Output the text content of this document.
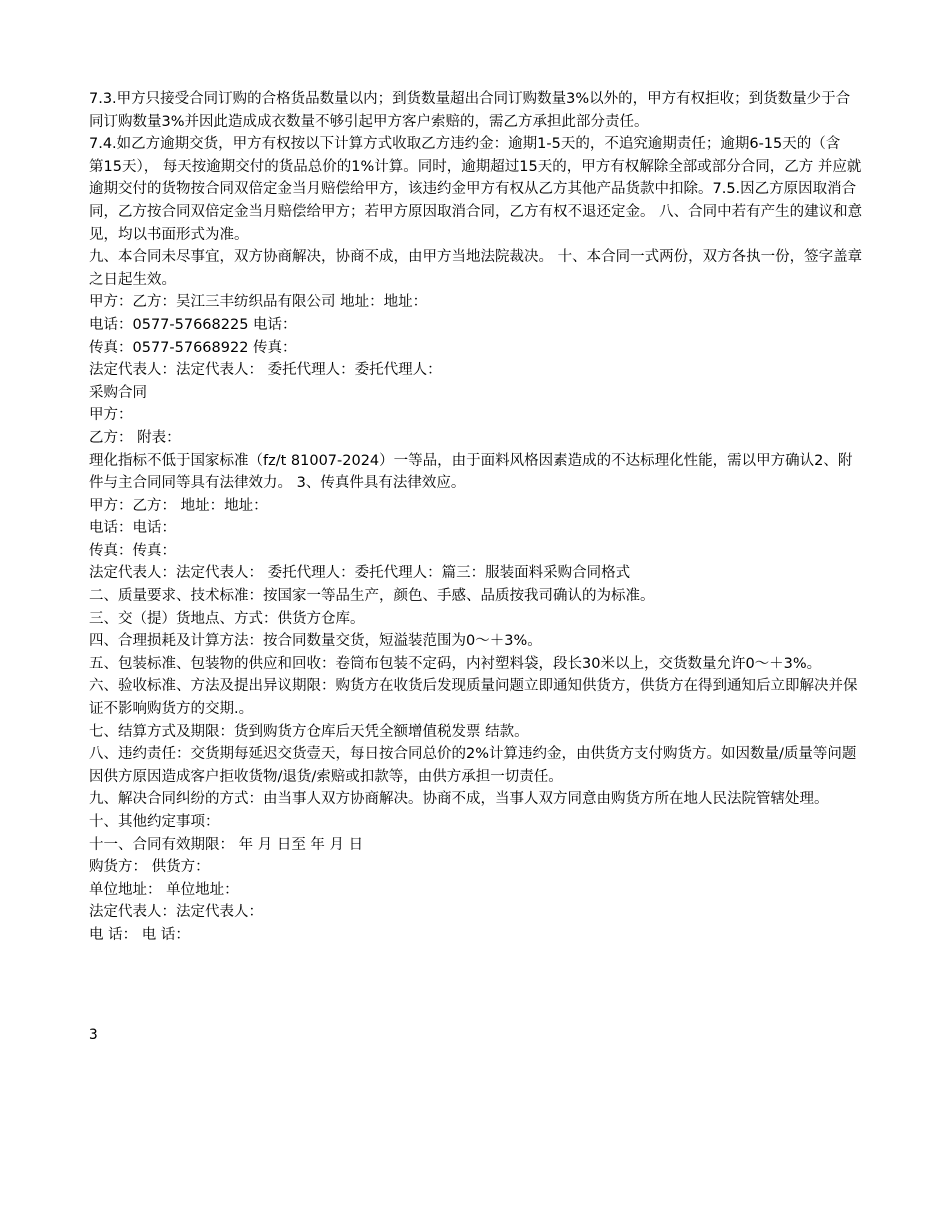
7.3.甲方只接受合同订购的合格货品数量以内；到货数量超出合同订购数量3%以外的，甲方有权拒收；到货数量少于合同订购数量3%并因此造成成衣数量不够引起甲方客户索赔的，需乙方承担此部分责任。

7.4.如乙方逾期交货，甲方有权按以下计算方式收取乙方违约金：逾期1-5天的，不追究逾期责任；逾期6-15天的（含

第15天）， 每天按逾期交付的货品总价的1%计算。同时，逾期超过15天的，甲方有权解除全部或部分合同，乙方 并应就逾期交付的货物按合同双倍定金当月赔偿给甲方，该违约金甲方有权从乙方其他产品货款中扣除。7.5.因乙方原因取消合同，乙方按合同双倍定金当月赔偿给甲方；若甲方原因取消合同，乙方有权不退还定金。 八、合同中若有产生的建议和意见，均以书面形式为准。

九、本合同未尽事宜，双方协商解决，协商不成，由甲方当地法院裁决。 十、本合同一式两份，双方各执一份，签字盖章之日起生效。

甲方：乙方：吴江三丰纺织品有限公司 地址：地址：

电话：0577-57668225 电话：

传真：0577-57668922 传真：

法定代表人：法定代表人： 委托代理人：委托代理人：

采购合同

甲方：

乙方： 附表：

理化指标不低于国家标准（fz/t 81007-2024）一等品，由于面料风格因素造成的不达标理化性能，需以甲方确认2、附件与主合同同等具有法律效力。 3、传真件具有法律效应。

甲方：乙方： 地址：地址：

电话：电话：

传真：传真：

法定代表人：法定代表人： 委托代理人：委托代理人：篇三：服装面料采购合同格式

二、质量要求、技术标准：按国家一等品生产，颜色、手感、品质按我司确认的为标准。

三、交（提）货地点、方式：供货方仓库。

四、合理损耗及计算方法：按合同数量交货，短溢装范围为0～＋3%。

五、包装标准、包装物的供应和回收：卷筒布包装不定码，内衬塑料袋，段长30米以上，交货数量允许0～＋3%。

六、验收标准、方法及提出异议期限：购货方在收货后发现质量问题立即通知供货方，供货方在得到通知后立即解决并保证不影响购货方的交期.。

七、结算方式及期限：货到购货方仓库后天凭全额增值税发票 结款。

八、违约责任：交货期每延迟交货壹天，每日按合同总价的2%计算违约金，由供货方支付购货方。如因数量/质量等问题因供方原因造成客户拒收货物/退货/索赔或扣款等，由供方承担一切责任。

九、解决合同纠纷的方式：由当事人双方协商解决。协商不成，当事人双方同意由购货方所在地人民法院管辖处理。

十、其他约定事项：

十一、合同有效期限： 年 月 日至 年 月 日

购货方： 供货方：

单位地址： 单位地址：

法定代表人：法定代表人：

电 话： 电 话：

3
